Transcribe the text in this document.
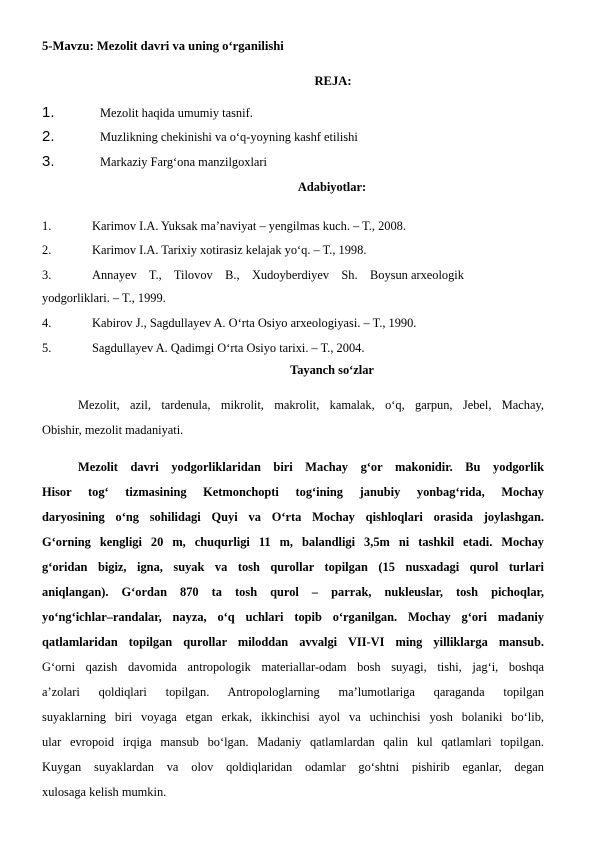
5-Mavzu: Mezolit davri va uning o‘rganilishi
REJA:
1.	Mezolit haqida umumiy tasnif.
2.	Muzlikning chekinishi va o‘q-yoyning kashf etilishi
3.	Markaziy Farg‘ona manzilgoxlari
Adabiyotlar:
1.	Karimov I.A. Yuksak ma’naviyat – yengilmas kuch. – T., 2008.
2.	Karimov I.A. Tarixiy xotirasiz kelajak yo‘q. – T., 1998.
3.	Annayev    T.,    Tilovov    B.,    Xudoyberdiyev    Sh.    Boysun arxeologik
yodgorliklari. – T., 1999.
4.	Kabirov J., Sagdullayev A. O‘rta Osiyo arxeologiyasi. – T., 1990.
5.	Sagdullayev A. Qadimgi O‘rta Osiyo tarixi. – T., 2004.
Tayanch so‘zlar
Mezolit, azil, tardenula, mikrolit, makrolit, kamalak, o‘q, garpun, Jebel, Machay,
Obishir, mezolit madaniyati.
Mezolit davri yodgorliklaridan biri Machay g‘or makonidir. Bu yodgorlik
Hisor tog‘ tizmasining Ketmonchopti tog‘ining janubiy yonbag‘rida, Mochay
daryosining o‘ng sohilidagi Quyi va O‘rta Mochay qishloqlari orasida joylashgan.
G‘orning kengligi 20 m, chuqurligi 11 m, balandligi 3,5m ni tashkil etadi. Mochay
g‘oridan bigiz, igna, suyak va tosh qurollar topilgan (15 nusxadagi qurol turlari
aniqlangan). G‘ordan 870 ta tosh qurol – parrak, nukleuslar, tosh pichoqlar,
yo‘ng‘ichlar–randalar, nayza, o‘q uchlari topib o‘rganilgan. Mochay g‘ori madaniy
qatlamlaridan topilgan qurollar miloddan avvalgi VII-VI ming yilliklarga mansub.
G‘orni qazish davomida antropologik materiallar-odam bosh suyagi, tishi, jag‘i, boshqa
a’zolari qoldiqlari topilgan. Antropologlarning ma’lumotlariga qaraganda topilgan
suyaklarning biri voyaga etgan erkak, ikkinchisi ayol va uchinchisi yosh bolaniki bo‘lib,
ular evropoid irqiga mansub bo‘lgan. Madaniy qatlamlardan qalin kul qatlamlari topilgan.
Kuygan suyaklardan va olov qoldiqlaridan odamlar go‘shtni pishirib eganlar, degan
xulosaga kelish mumkin.
